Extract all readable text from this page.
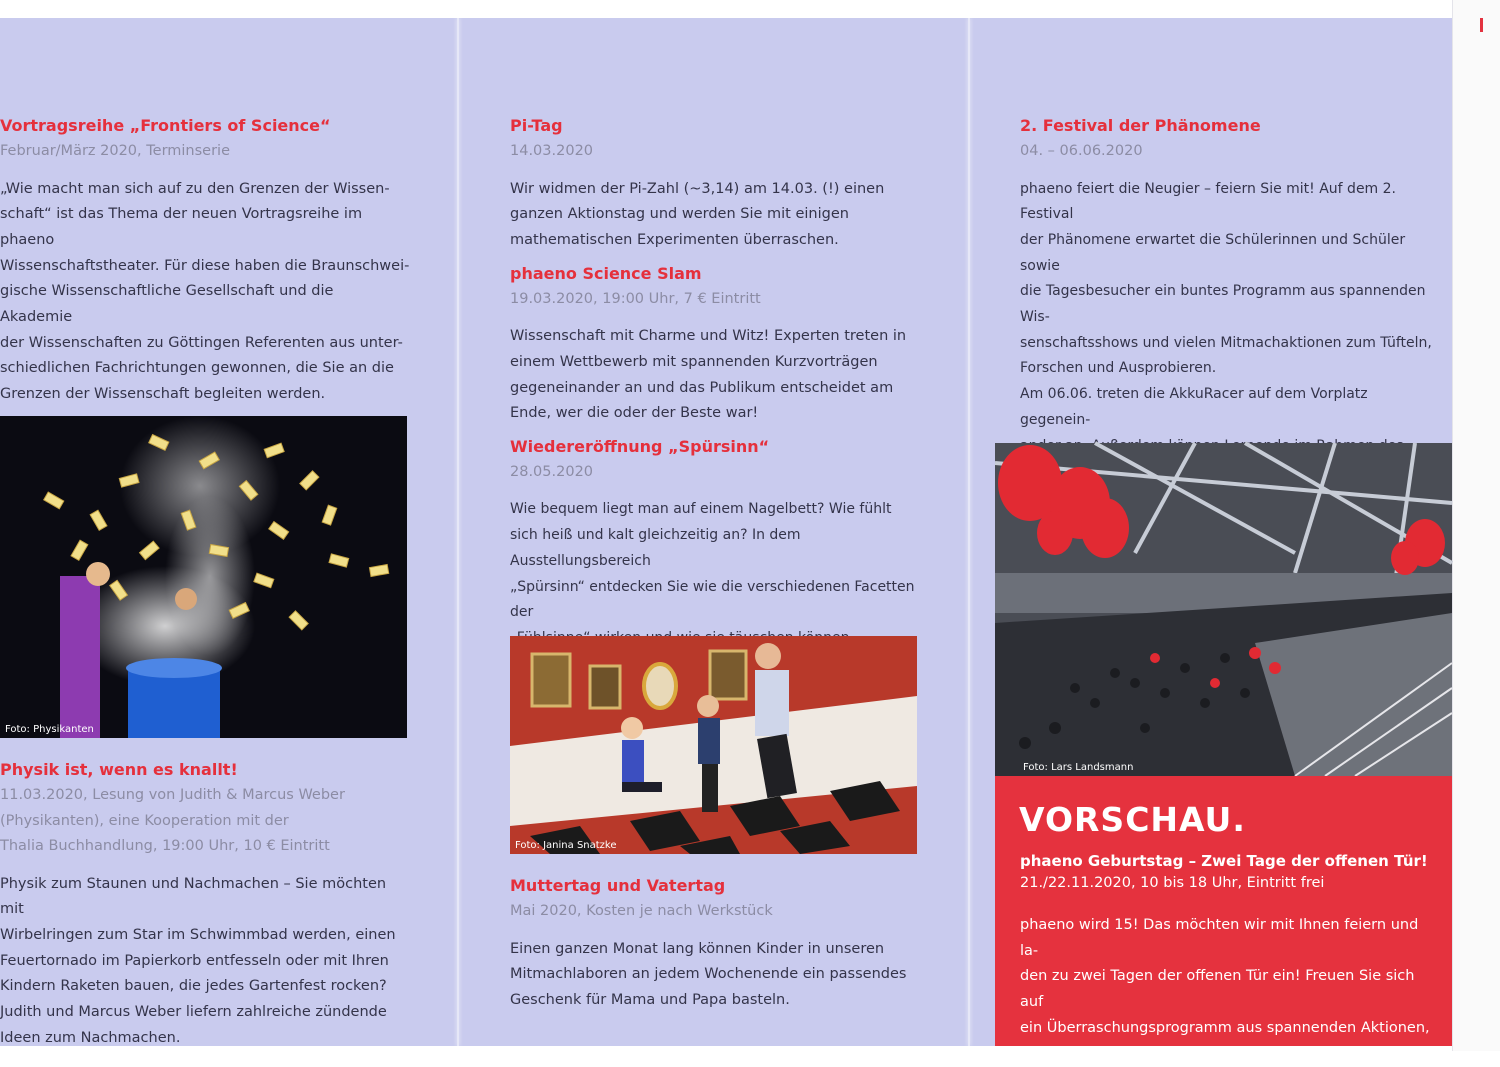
Vortragsreihe „Frontiers of Science“
Februar/März 2020, Terminserie
„Wie macht man sich auf zu den Grenzen der Wissen-
schaft“ ist das Thema der neuen Vortragsreihe im phaeno
Wissenschaftstheater. Für diese haben die Braunschwei-
gische Wissenschaftliche Gesellschaft und die Akademie
der Wissenschaften zu Göttingen Referenten aus unter-
schiedlichen Fachrichtungen gewonnen, die Sie an die
Grenzen der Wissenschaft begleiten werden.
Foto: Physikanten
Physik ist, wenn es knallt!
11.03.2020, Lesung von Judith & Marcus Weber
(Physikanten), eine Kooperation mit der
Thalia Buchhandlung, 19:00 Uhr, 10 € Eintritt
Physik zum Staunen und Nachmachen – Sie möchten mit
Wirbelringen zum Star im Schwimmbad werden, einen
Feuertornado im Papierkorb entfesseln oder mit Ihren
Kindern Raketen bauen, die jedes Gartenfest rocken?
Judith und Marcus Weber liefern zahlreiche zündende
Ideen zum Nachmachen.
Pi-Tag
14.03.2020
Wir widmen der Pi-Zahl (~3,14) am 14.03. (!) einen
ganzen Aktionstag und werden Sie mit einigen
mathematischen Experimenten überraschen.
phaeno Science Slam
19.03.2020, 19:00 Uhr, 7 € Eintritt
Wissenschaft mit Charme und Witz! Experten treten in
einem Wettbewerb mit spannenden Kurzvorträgen
gegeneinander an und das Publikum entscheidet am
Ende, wer die oder der Beste war!
Wiedereröffnung „Spürsinn“
28.05.2020
Wie bequem liegt man auf einem Nagelbett? Wie fühlt
sich heiß und kalt gleichzeitig an? In dem Ausstellungsbereich
„Spürsinn“ entdecken Sie wie die verschiedenen Facetten der
Foto: Janina Snatzke
Muttertag und Vatertag
Mai 2020, Kosten je nach Werkstück
Einen ganzen Monat lang können Kinder in unseren
Mitmachlaboren an jedem Wochenende ein passendes
Geschenk für Mama und Papa basteln.
2. Festival der Phänomene
04. – 06.06.2020
phaeno feiert die Neugier – feiern Sie mit! Auf dem 2. Festival
der Phänomene erwartet die Schülerinnen und Schüler sowie
die Tagesbesucher ein buntes Programm aus spannenden Wis-
senschaftsshows und vielen Mitmachaktionen zum Tüfteln,
Forschen und Ausprobieren.
Am 06.06. treten die AkkuRacer auf dem Vorplatz gegenein-
Foto: Lars Landsmann
VORSCHAU.
phaeno Geburtstag – Zwei Tage der offenen Tür!
21./22.11.2020, 10 bis 18 Uhr, Eintritt frei
phaeno wird 15! Das möchten wir mit Ihnen feiern und la-
den zu zwei Tagen der offenen Tür ein! Freuen Sie sich auf
ein Überraschungsprogramm aus spannenden Aktionen,
Shows und Sonderprogrammen für die ganze Familie!
